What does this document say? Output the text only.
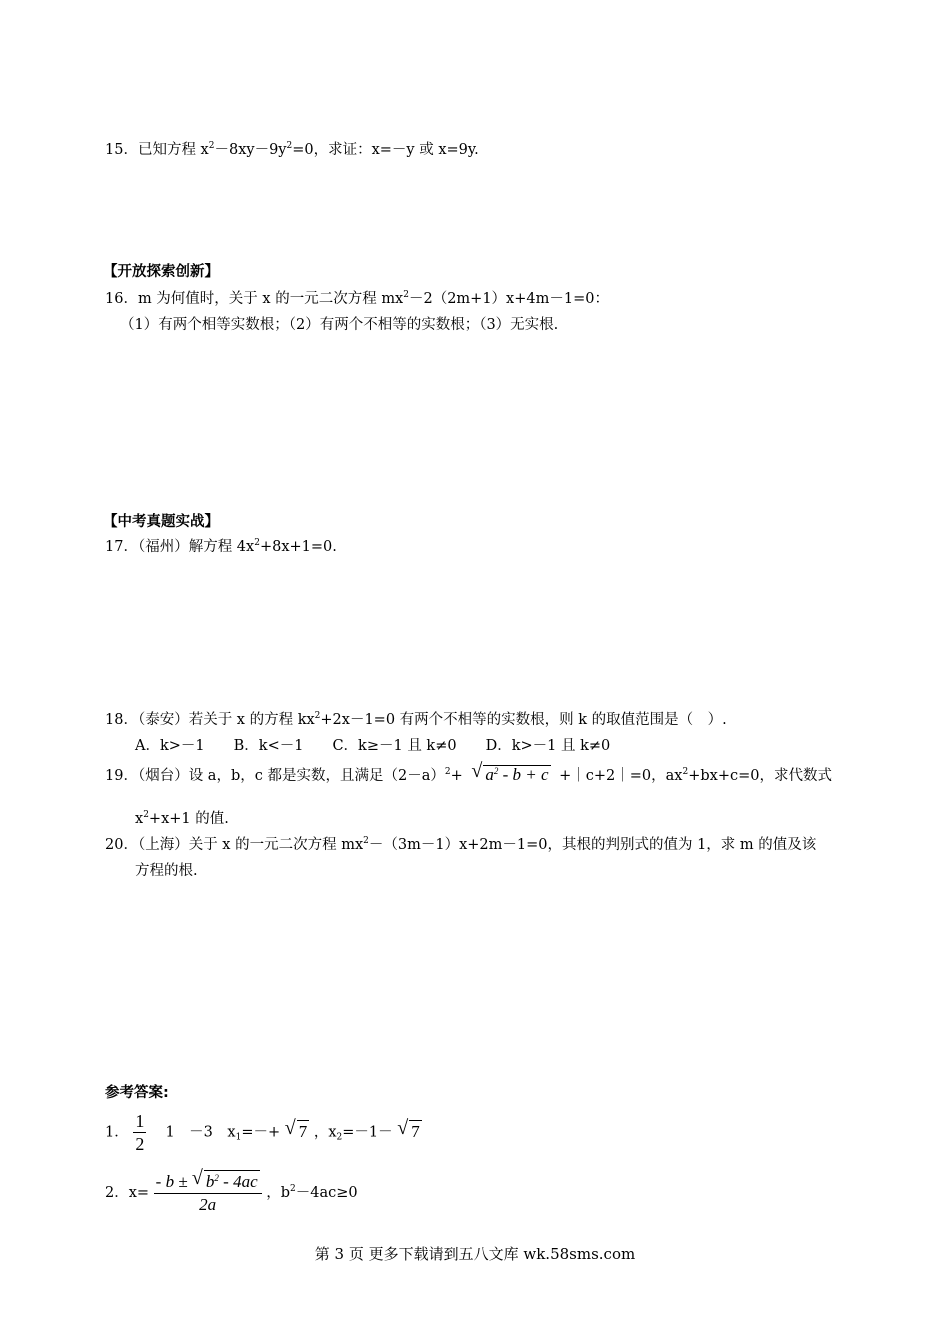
15．已知方程 $x^2-8xy-9y^2=0$，求证：x=－y 或 x=9y.
【开放探索创新】
16．m 为何值时，关于 x 的一元二次方程 $mx^2-2(2m+1)x+4m-1=0$：
（1）有两个相等实数根；（2）有两个不相等的实数根；（3）无实根.
【中考真题实战】
17．（福州）解方程 $4x^2+8x+1=0$.
18．（泰安）若关于 x 的方程 $kx^2+2x-1=0$ 有两个不相等的实数根，则 k 的取值范围是（　）.
A．k>－1　　B．k<－1　　C．k≥－1 且 k≠0　　D．k>－1 且 k≠0
19．（烟台）设 a，b，c 都是实数，且满足$(2-a)^2+$ √ $a^2 - b + c$ +｜c+2｜=0，$ax^2+bx+c=0$，求代数式
$x^2+x+1$ 的值.
20．（上海）关于 x 的一元二次方程 $mx^2-(3m-1)x+2m-1=0$，其根的判别式的值为 1，求 m 的值及该
方程的根.
参考答案:
1． $\frac{1}{2}$ 　1　－3　$x_1=-+$ √ 7 ，$x_2=-1-$ √ 7
2．$x= \frac{- b \pm √ b^2 - 4ac}{2a}$ ，$b^2-4ac\ge 0$
第 3 页 更多下载请到五八文库 wk.58sms.com
